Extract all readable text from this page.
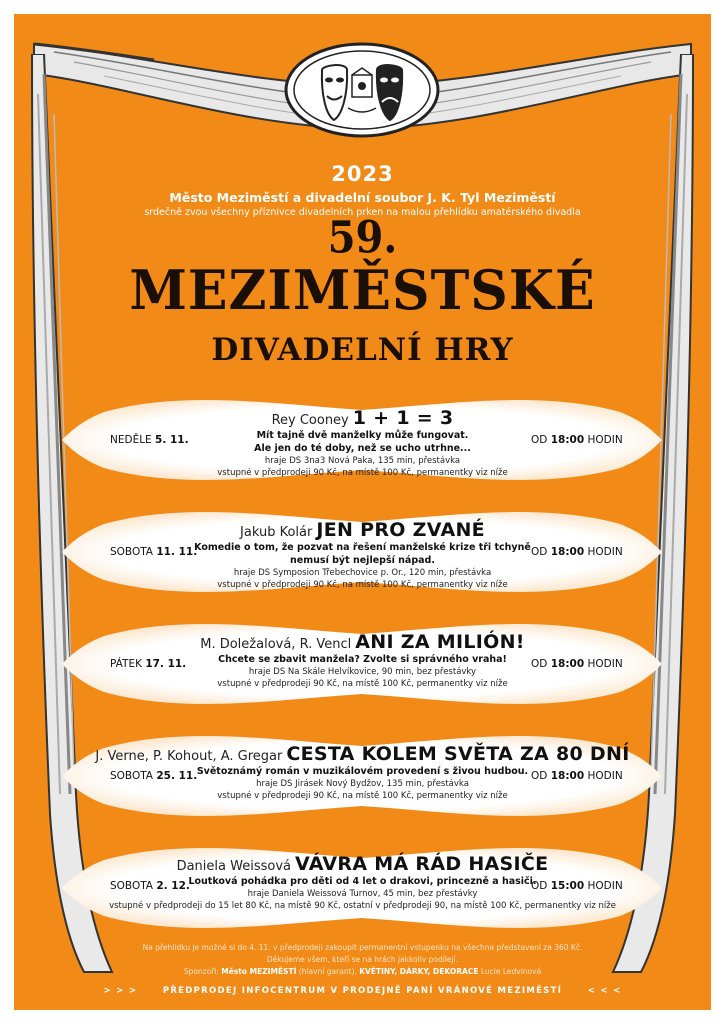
2023
Město Meziměstí a divadelní soubor J. K. Tyl Meziměstí
srdečně zvou všechny příznivce divadelních prken na malou přehlídku amatérského divadla
59.
MEZIMĚSTSKÉ
DIVADELNÍ HRY
NEDĚLE 5. 11.	OD 18:00 HODIN
Rey Cooney 1 + 1 = 3
Mít tajně dvě manželky může fungovat.
Ale jen do té doby, než se ucho utrhne...
hraje DS 3na3 Nová Paka, 135 min, přestávka
vstupné v předprodeji 90 Kč, na místě 100 Kč, permanentky viz níže
SOBOTA 11. 11.	OD 18:00 HODIN
Jakub Kolár JEN PRO ZVANÉ
Komedie o tom, že pozvat na řešení manželské krize tři tchyně
nemusí být nejlepší nápad.
hraje DS Symposion Třebechovice p. Or., 120 min, přestávka
vstupné v předprodeji 90 Kč, na místě 100 Kč, permanentky viz níže
PÁTEK 17. 11.	OD 18:00 HODIN
M. Doležalová, R. Vencl ANI ZA MILIÓN!
Chcete se zbavit manžela? Zvolte si správného vraha!
hraje DS Na Skále Helvíkovice, 90 min, bez přestávky
vstupné v předprodeji 90 Kč, na místě 100 Kč, permanentky viz níže
SOBOTA 25. 11.	OD 18:00 HODIN
J. Verne, P. Kohout, A. Gregar CESTA KOLEM SVĚTA ZA 80 DNÍ
Světoznámý román v muzikálovém provedení s živou hudbou.
hraje DS Jirásek Nový Bydžov, 135 min, přestávka
vstupné v předprodeji 90 Kč, na místě 100 Kč, permanentky viz níže
SOBOTA 2. 12.	OD 15:00 HODIN
Daniela Weissová VÁVRA MÁ RÁD HASIČE
Loutková pohádka pro děti od 4 let o drakovi, princezně a hasiči.
hraje Daniela Weissová Turnov, 45 min, bez přestávky
vstupné v předprodeji do 15 let 80 Kč, na místě 90 Kč, ostatní v předprodeji 90, na místě 100 Kč, permanentky viz níže
Na přehlídku je možné si do 4. 11. v předprodeji zakoupit permanentní vstupenku na všechna představení za 360 Kč.
Děkujeme všem, kteří se na hrách jakkoliv podílejí.
Sponzoři: Město MEZIMĚSTÍ (hlavní garant), KVĚTINY, DÁRKY, DEKORACE Lucie Ledvinová
> > >	PŘEDPRODEJ INFOCENTRUM V PRODEJNĚ PANÍ VRÁNOVÉ MEZIMĚSTÍ	< < <
